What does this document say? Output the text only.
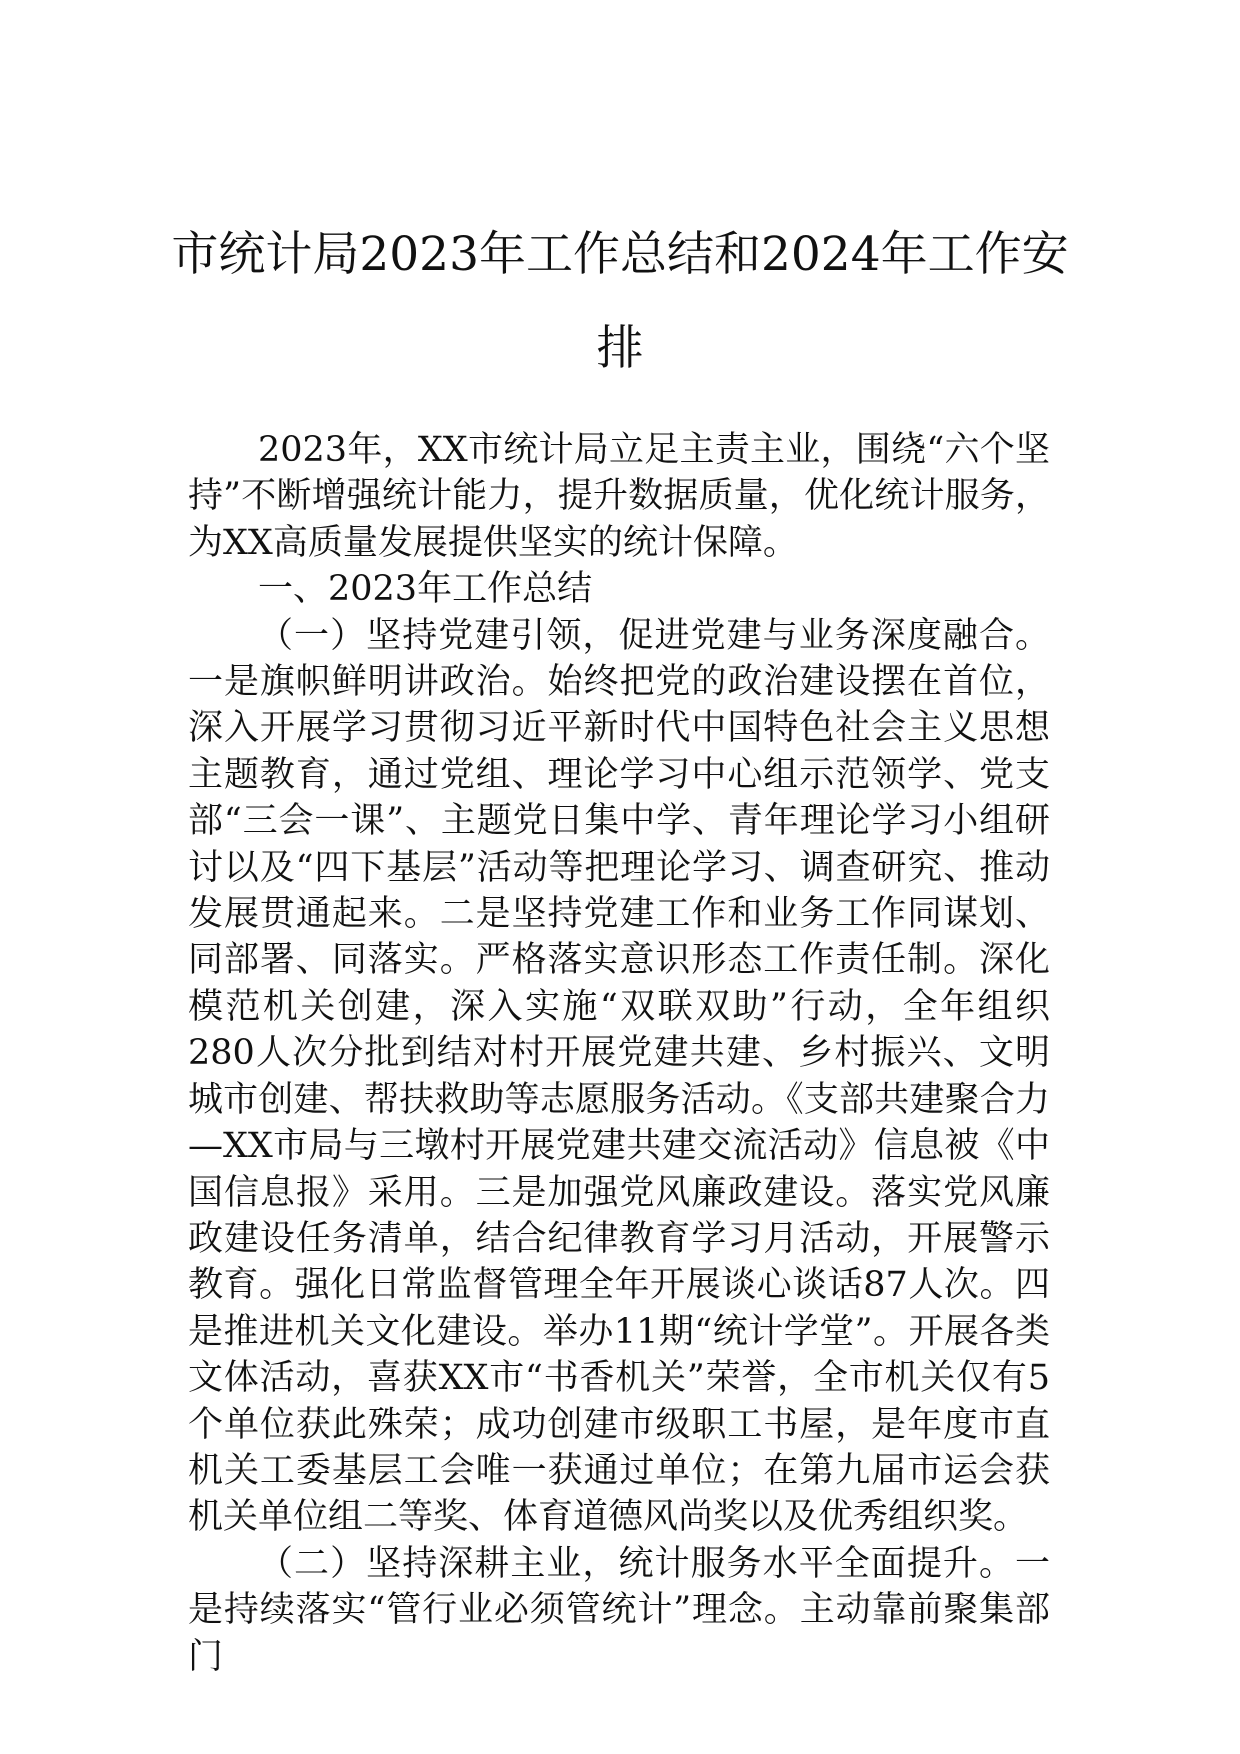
市统计局2023年工作总结和2024年工作安排

2023年，XX市统计局立足主责主业，围绕“六个坚持”不断增强统计能力，提升数据质量，优化统计服务，为XX高质量发展提供坚实的统计保障。

一、2023年工作总结

（一）坚持党建引领，促进党建与业务深度融合。一是旗帜鲜明讲政治。始终把党的政治建设摆在首位，深入开展学习贯彻习近平新时代中国特色社会主义思想主题教育，通过党组、理论学习中心组示范领学、党支部“三会一课”、主题党日集中学、青年理论学习小组研讨以及“四下基层”活动等把理论学习、调查研究、推动发展贯通起来。二是坚持党建工作和业务工作同谋划、同部署、同落实。严格落实意识形态工作责任制。深化模范机关创建，深入实施“双联双助”行动，全年组织280人次分批到结对村开展党建共建、乡村振兴、文明城市创建、帮扶救助等志愿服务活动。《支部共建聚合力—XX市局与三墩村开展党建共建交流活动》信息被《中国信息报》采用。三是加强党风廉政建设。落实党风廉政建设任务清单，结合纪律教育学习月活动，开展警示教育。强化日常监督管理全年开展谈心谈话87人次。四是推进机关文化建设。举办11期“统计学堂”。开展各类文体活动，喜获XX市“书香机关”荣誉，全市机关仅有5个单位获此殊荣；成功创建市级职工书屋，是年度市直机关工委基层工会唯一获通过单位；在第九届市运会获机关单位组二等奖、体育道德风尚奖以及优秀组织奖。

（二）坚持深耕主业，统计服务水平全面提升。一是持续落实“管行业必须管统计”理念。主动靠前聚集部门
